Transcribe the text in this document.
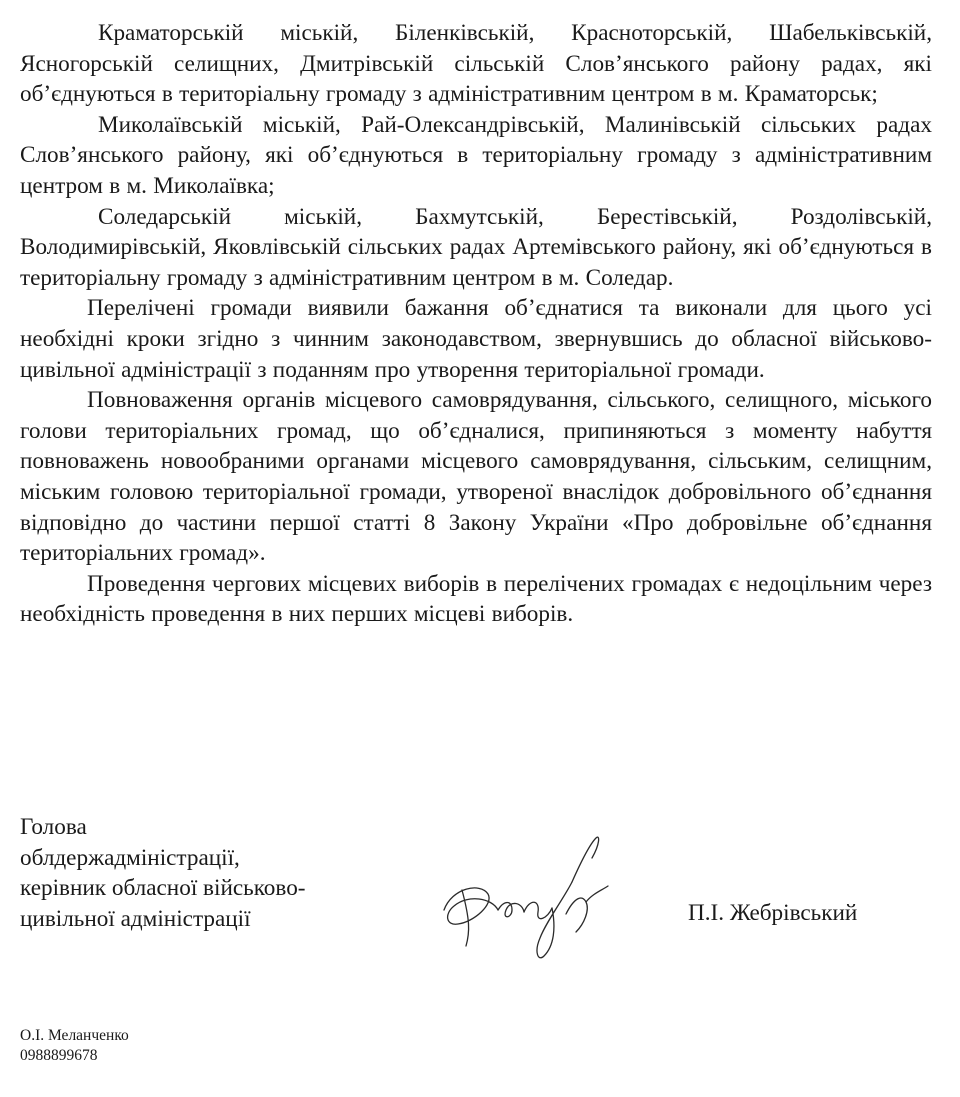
Краматорській міській, Біленківській, Красноторській, Шабельківській, Ясногорській селищних, Дмитрівській сільській Слов’янського району радах, які об’єднуються в територіальну громаду з адміністративним центром в м. Краматорськ;

Миколаївській міській, Рай-Олександрівській, Малинівській сільських радах Слов’янського району, які об’єднуються в територіальну громаду з адміністративним центром в м. Миколаївка;

Соледарській міській, Бахмутській, Берестівській, Роздолівській, Володимирівській, Яковлівській сільських радах Артемівського району, які об’єднуються в територіальну громаду з адміністративним центром в м. Соледар.

Перелічені громади виявили бажання об’єднатися та виконали для цього усі необхідні кроки згідно з чинним законодавством, звернувшись до обласної військово-цивільної адміністрації з поданням про утворення територіальної громади.

Повноваження органів місцевого самоврядування, сільського, селищного, міського голови територіальних громад, що об’єдналися, припиняються з моменту набуття повноважень новообраними органами місцевого самоврядування, сільським, селищним, міським головою територіальної громади, утвореної внаслідок добровільного об’єднання відповідно до частини першої статті 8 Закону України «Про добровільне об’єднання територіальних громад».

Проведення чергових місцевих виборів в перелічених громадах є недоцільним через необхідність проведення в них перших місцеві виборів.

Голова
облдержадміністрації,
керівник обласної військово-
цивільної адміністрації	П.І. Жебрівський
О.І. Меланченко
0988899678
